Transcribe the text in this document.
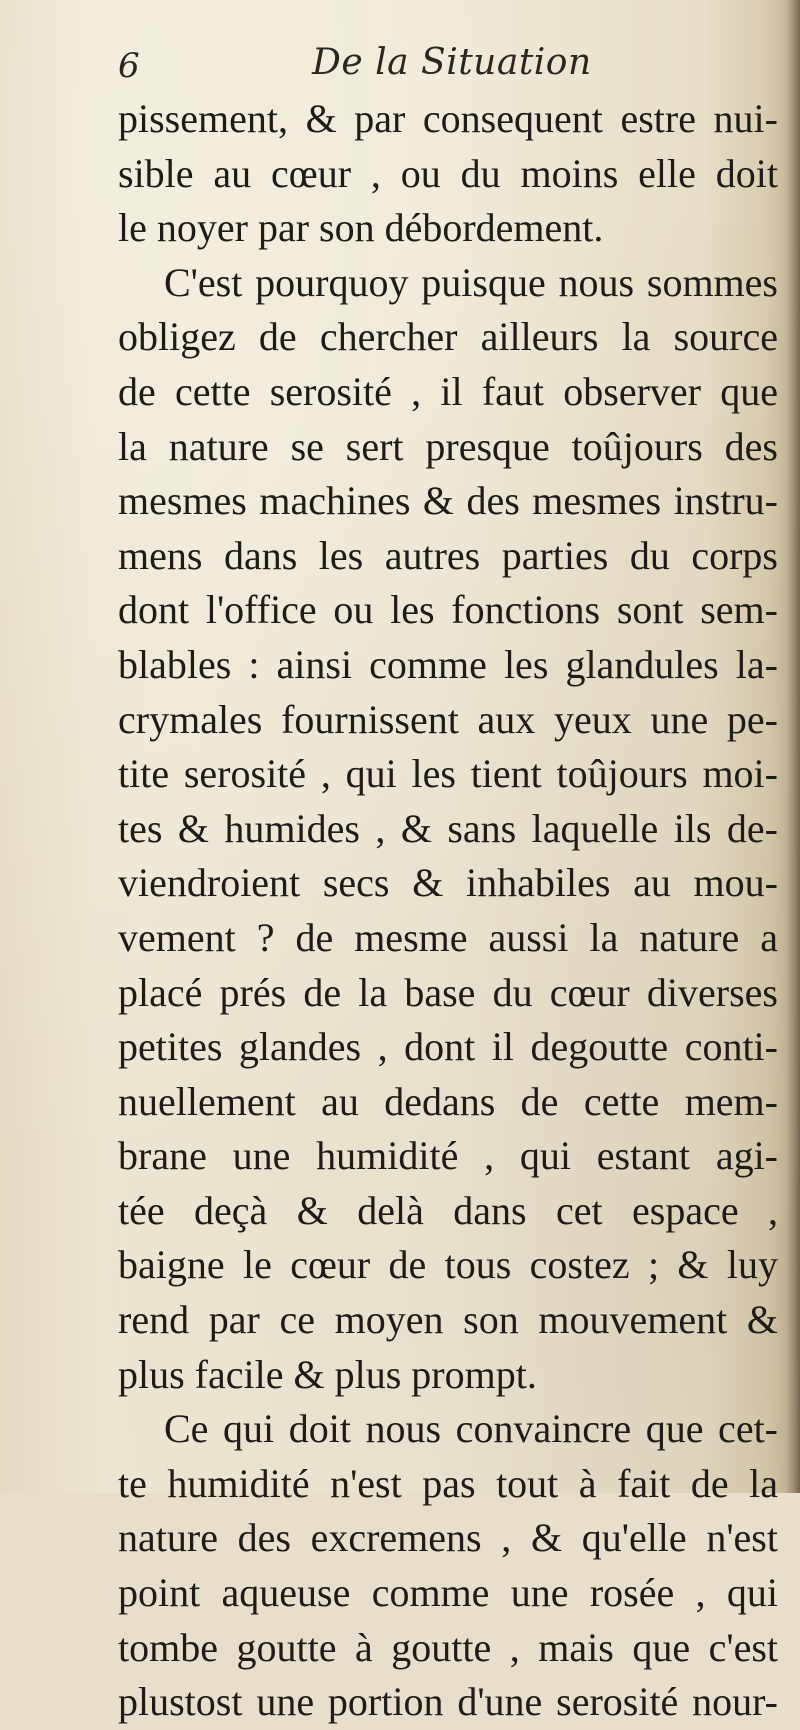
6	De la Situation
pissement, & par consequent estre nui-
sible au cœur , ou du moins elle doit
le noyer par son débordement.
C'est pourquoy puisque nous sommes
obligez de chercher ailleurs la source
de cette serosité , il faut observer que
la nature se sert presque toûjours des
mesmes machines & des mesmes instru-
mens dans les autres parties du corps
dont l'office ou les fonctions sont sem-
blables : ainsi comme les glandules la-
crymales fournissent aux yeux une pe-
tite serosité , qui les tient toûjours moi-
tes & humides , & sans laquelle ils de-
viendroient secs & inhabiles au mou-
vement ? de mesme aussi la nature a
placé prés de la base du cœur diverses
petites glandes , dont il degoutte conti-
nuellement au dedans de cette mem-
brane une humidité , qui estant agi-
tée deçà & delà dans cet espace ,
baigne le cœur de tous costez ; & luy
rend par ce moyen son mouvement &
plus facile & plus prompt.
Ce qui doit nous convaincre que cet-
te humidité n'est pas tout à fait de la
nature des excremens , & qu'elle n'est
point aqueuse comme une rosée , qui
tombe goutte à goutte , mais que c'est
plustost une portion d'une serosité nour-
